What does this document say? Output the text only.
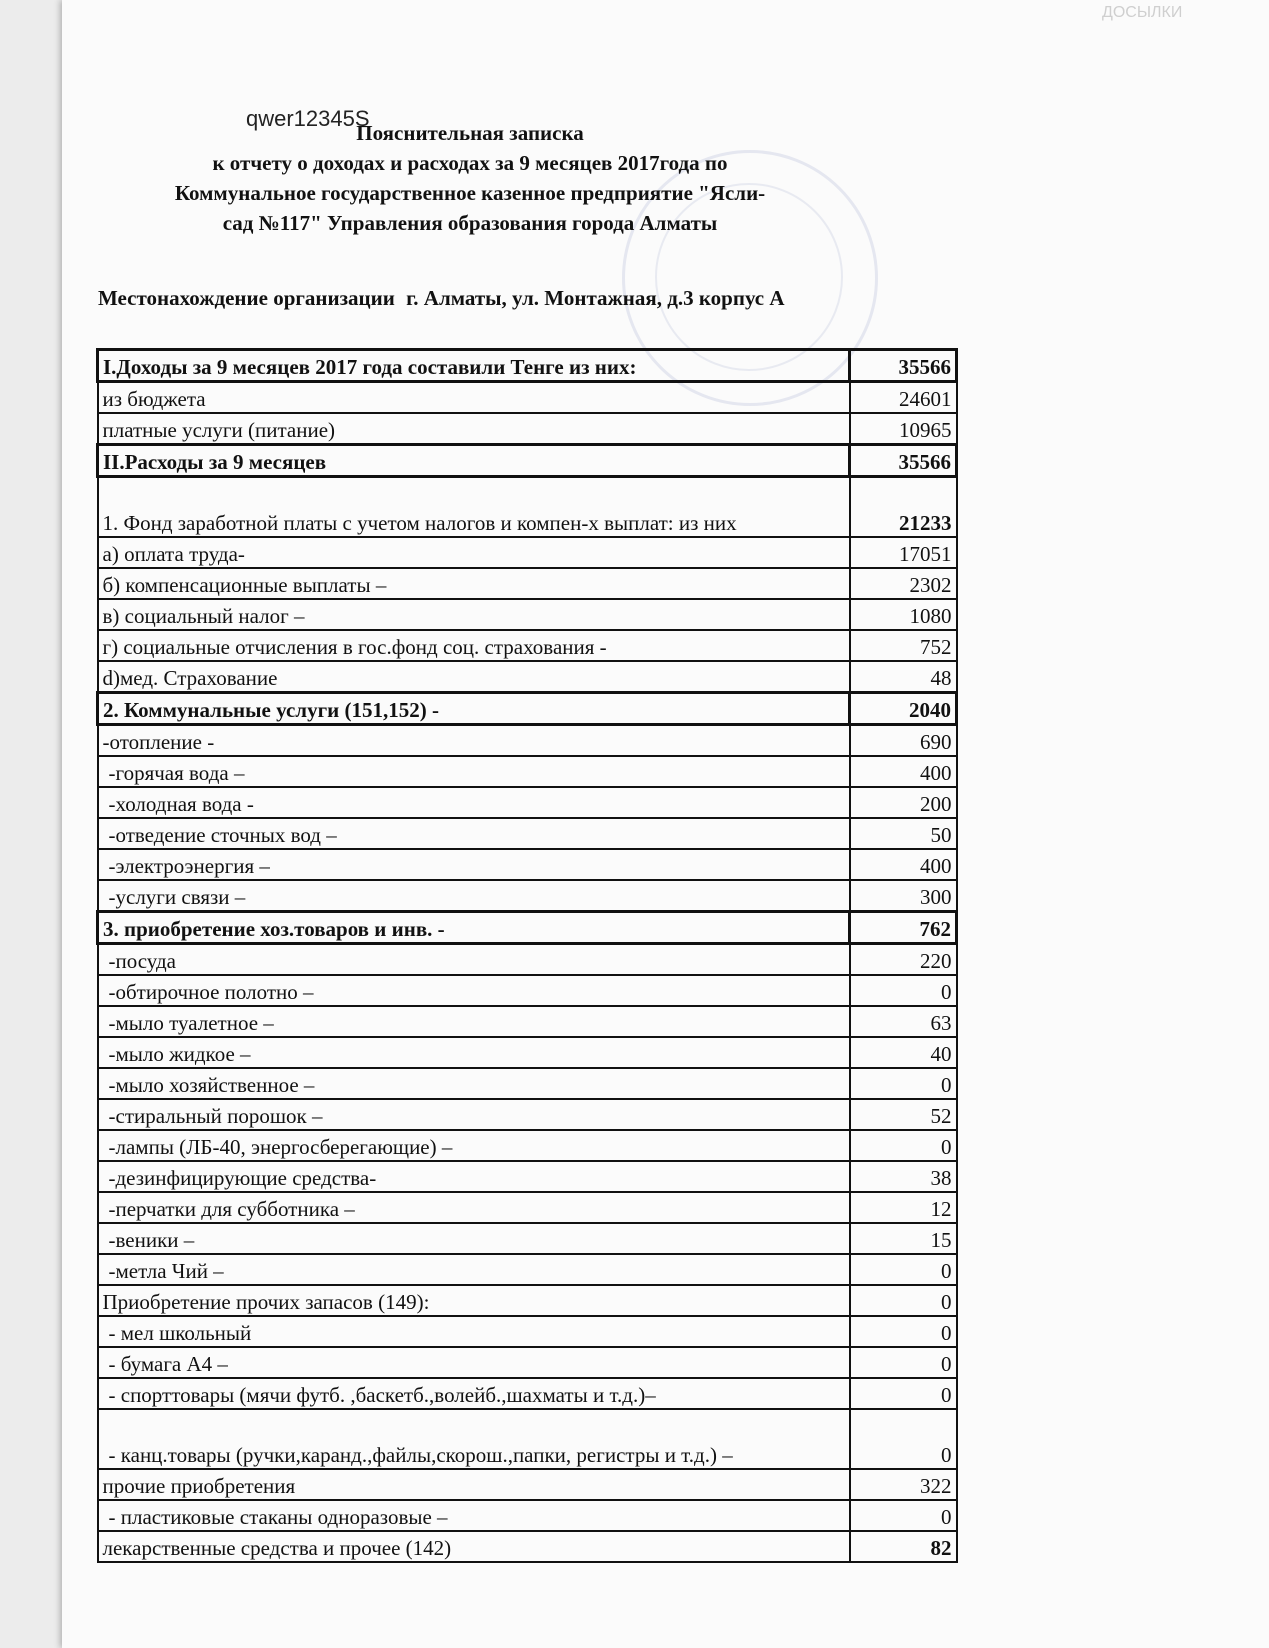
ДОСЫЛКИ
qwer12345S
Пояснительная записка
к отчету о доходах и расходах за 9 месяцев 2017года по
Коммунальное государственное казенное предприятие "Ясли-
сад №117" Управления образования города Алматы
Местонахождение организации г. Алматы, ул. Монтажная, д.3 корпус А
I.Доходы за 9 месяцев 2017 года составили Тенге из них:	35566
из бюджета	24601
платные услуги (питание)	10965
II.Расходы за 9 месяцев	35566
1. Фонд заработной платы с учетом налогов и компен-х выплат: из них	21233
а) оплата труда-	17051
б) компенсационные выплаты –	2302
в) социальный налог –	1080
г) социальные отчисления в гос.фонд соц. страхования -	752
d)мед. Страхование	48
2. Коммунальные услуги (151,152) -	2040
-отопление -	690
-горячая вода –	400
-холодная вода -	200
-отведение сточных вод –	50
-электроэнергия –	400
-услуги связи –	300
3. приобретение хоз.товаров и инв. -	762
-посуда	220
-обтирочное полотно –	0
-мыло туалетное –	63
-мыло жидкое –	40
-мыло хозяйственное –	0
-стиральный порошок –	52
-лампы (ЛБ-40, энергосберегающие) –	0
-дезинфицирующие средства-	38
-перчатки для субботника –	12
-веники –	15
-метла Чий –	0
Приобретение прочих запасов (149):	0
- мел школьный	0
- бумага А4 –	0
- спорттовары (мячи футб. ,баскетб.,волейб.,шахматы и т.д.)–	0
- канц.товары (ручки,каранд.,файлы,скорош.,папки, регистры и т.д.) –	0
прочие приобретения	322
- пластиковые стаканы одноразовые –	0
лекарственные средства и прочее (142)	82
